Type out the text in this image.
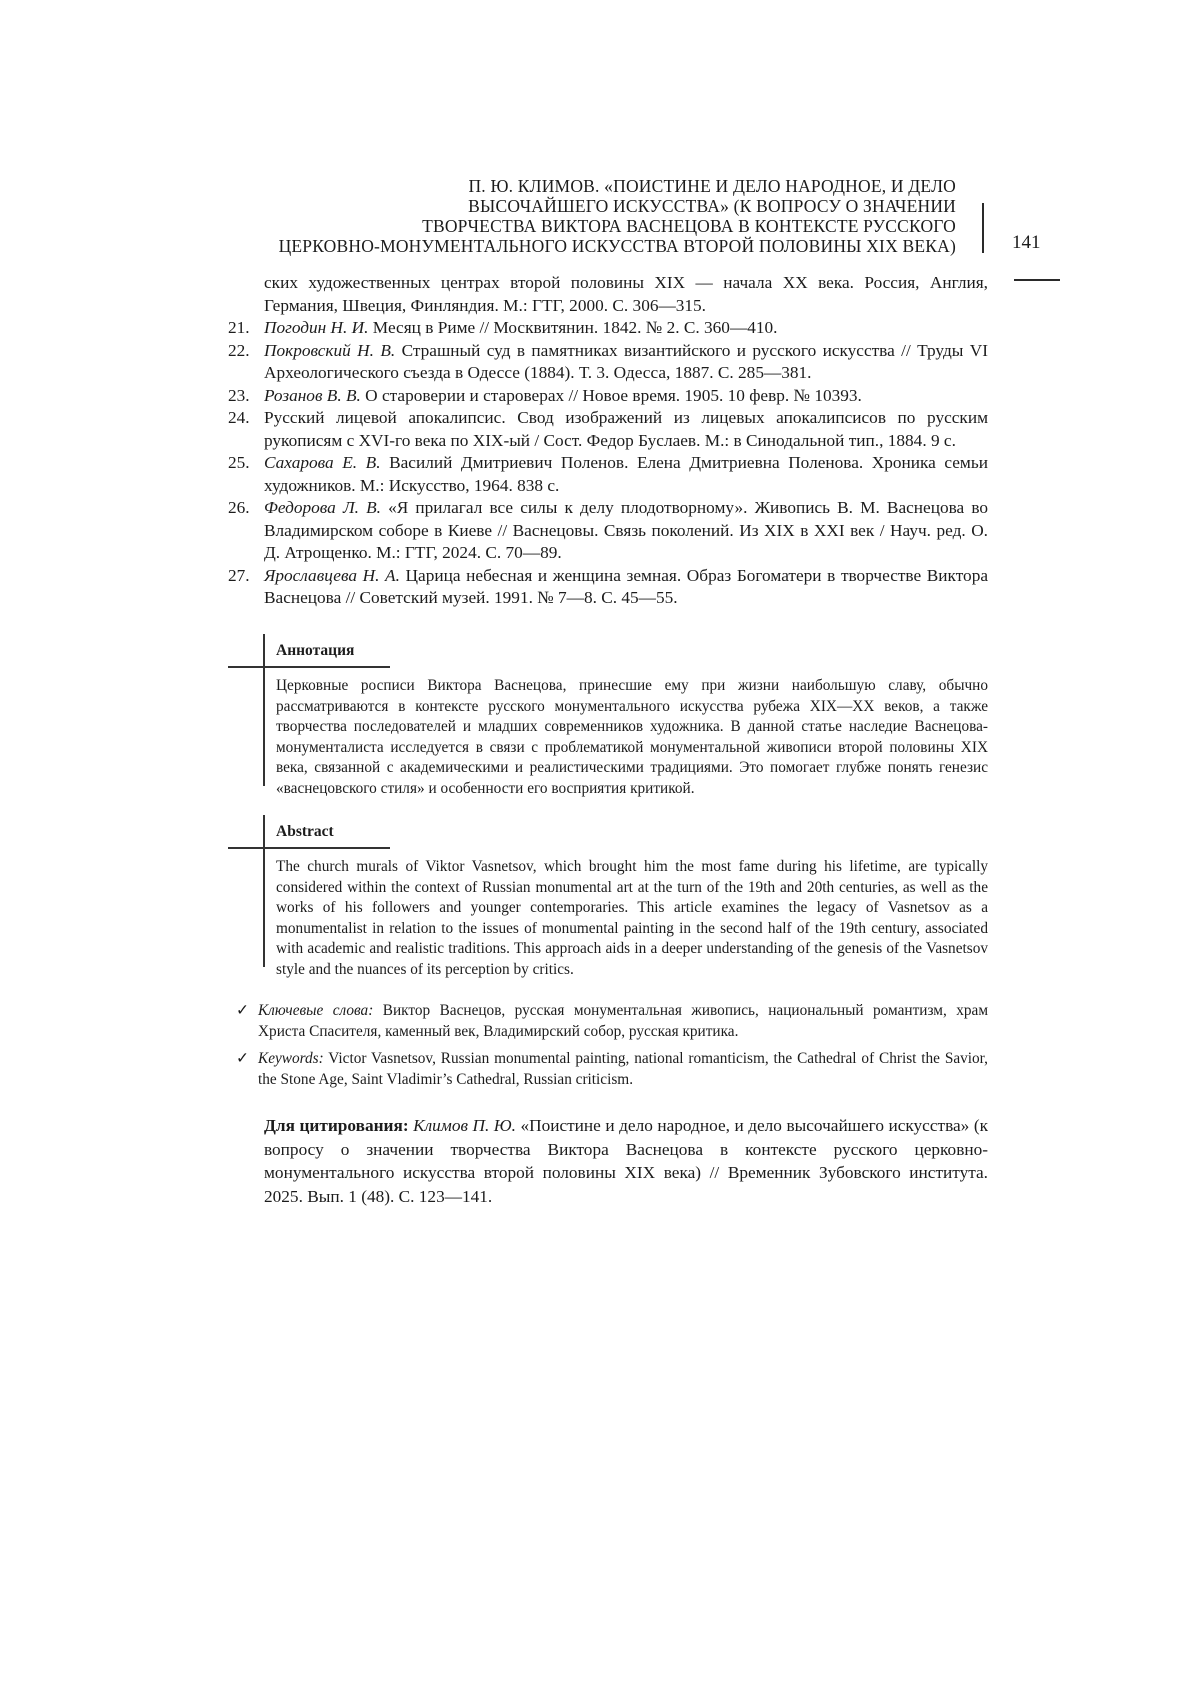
П. Ю. КЛИМОВ. «ПОИСТИНЕ И ДЕЛО НАРОДНОЕ, И ДЕЛО
ВЫСОЧАЙШЕГО ИСКУССТВА» (К ВОПРОСУ О ЗНАЧЕНИИ
ТВОРЧЕСТВА ВИКТОРА ВАСНЕЦОВА В КОНТЕКСТЕ РУССКОГО
ЦЕРКОВНО-МОНУМЕНТАЛЬНОГО ИСКУССТВА ВТОРОЙ ПОЛОВИНЫ XIX ВЕКА)	141
ских художественных центрах второй половины XIX — начала XX века. Россия, Англия, Германия, Швеция, Финляндия. М.: ГТГ, 2000. С. 306—315.
21. Погодин Н. И. Месяц в Риме // Москвитянин. 1842. № 2. С. 360—410.
22. Покровский Н. В. Страшный суд в памятниках византийского и русского искусства // Труды VI Археологического съезда в Одессе (1884). Т. 3. Одесса, 1887. С. 285—381.
23. Розанов В. В. О староверии и староверах // Новое время. 1905. 10 февр. № 10393.
24. Русский лицевой апокалипсис. Свод изображений из лицевых апокалипсисов по русским рукописям с XVI-го века по XIX-ый / Сост. Федор Буслаев. М.: в Синодальной тип., 1884. 9 с.
25. Сахарова Е. В. Василий Дмитриевич Поленов. Елена Дмитриевна Поленова. Хроника семьи художников. М.: Искусство, 1964. 838 с.
26. Федорова Л. В. «Я прилагал все силы к делу плодотворному». Живопись В. М. Васнецова во Владимирском соборе в Киеве // Васнецовы. Связь поколений. Из XIX в XXI век / Науч. ред. О. Д. Атрощенко. М.: ГТГ, 2024. С. 70—89.
27. Ярославцева Н. А. Царица небесная и женщина земная. Образ Богоматери в творчестве Виктора Васнецова // Советский музей. 1991. № 7—8. С. 45—55.
Аннотация
Церковные росписи Виктора Васнецова, принесшие ему при жизни наибольшую славу, обычно рассматриваются в контексте русского монументального искусства рубежа XIX—XX веков, а также творчества последователей и младших современников художника. В данной статье наследие Васнецова-монументалиста исследуется в связи с проблематикой монументальной живописи второй половины XIX века, связанной с академическими и реалистическими традициями. Это помогает глубже понять генезис «васнецовского стиля» и особенности его восприятия критикой.
Abstract
The church murals of Viktor Vasnetsov, which brought him the most fame during his lifetime, are typically considered within the context of Russian monumental art at the turn of the 19th and 20th centuries, as well as the works of his followers and younger contemporaries. This article examines the legacy of Vasnetsov as a monumentalist in relation to the issues of monumental painting in the second half of the 19th century, associated with academic and realistic traditions. This approach aids in a deeper understanding of the genesis of the Vasnetsov style and the nuances of its perception by critics.
✓ Ключевые слова: Виктор Васнецов, русская монументальная живопись, национальный романтизм, храм Христа Спасителя, каменный век, Владимирский собор, русская критика.
✓ Keywords: Victor Vasnetsov, Russian monumental painting, national romanticism, the Cathedral of Christ the Savior, the Stone Age, Saint Vladimir’s Cathedral, Russian criticism.
Для цитирования: Климов П. Ю. «Поистине и дело народное, и дело высочайшего искусства» (к вопросу о значении творчества Виктора Васнецова в контексте русского церковно-монументального искусства второй половины XIX века) // Временник Зубовского института. 2025. Вып. 1 (48). С. 123—141.
